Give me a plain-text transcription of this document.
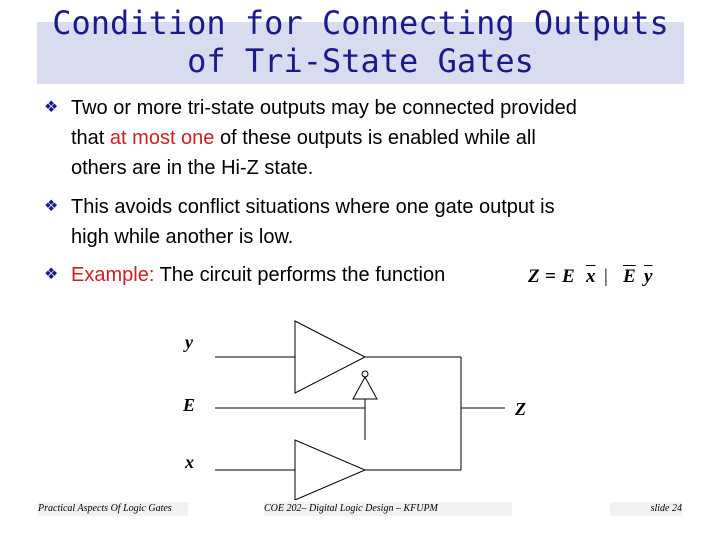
Condition for Connecting Outputs of Tri-State Gates
❖ Two or more tri-state outputs may be connected provided
that at most one of these outputs is enabled while all
others are in the Hi-Z state.
❖ This avoids conflict situations where one gate output is
high while another is low.
❖ Example: The circuit performs the function	Z = E $\overline{x}$ | $\overline{E}$ $\overline{y}$
y
E
x
Z
Practical Aspects Of Logic Gates	COE 202– Digital Logic Design – KFUPM	slide 24
